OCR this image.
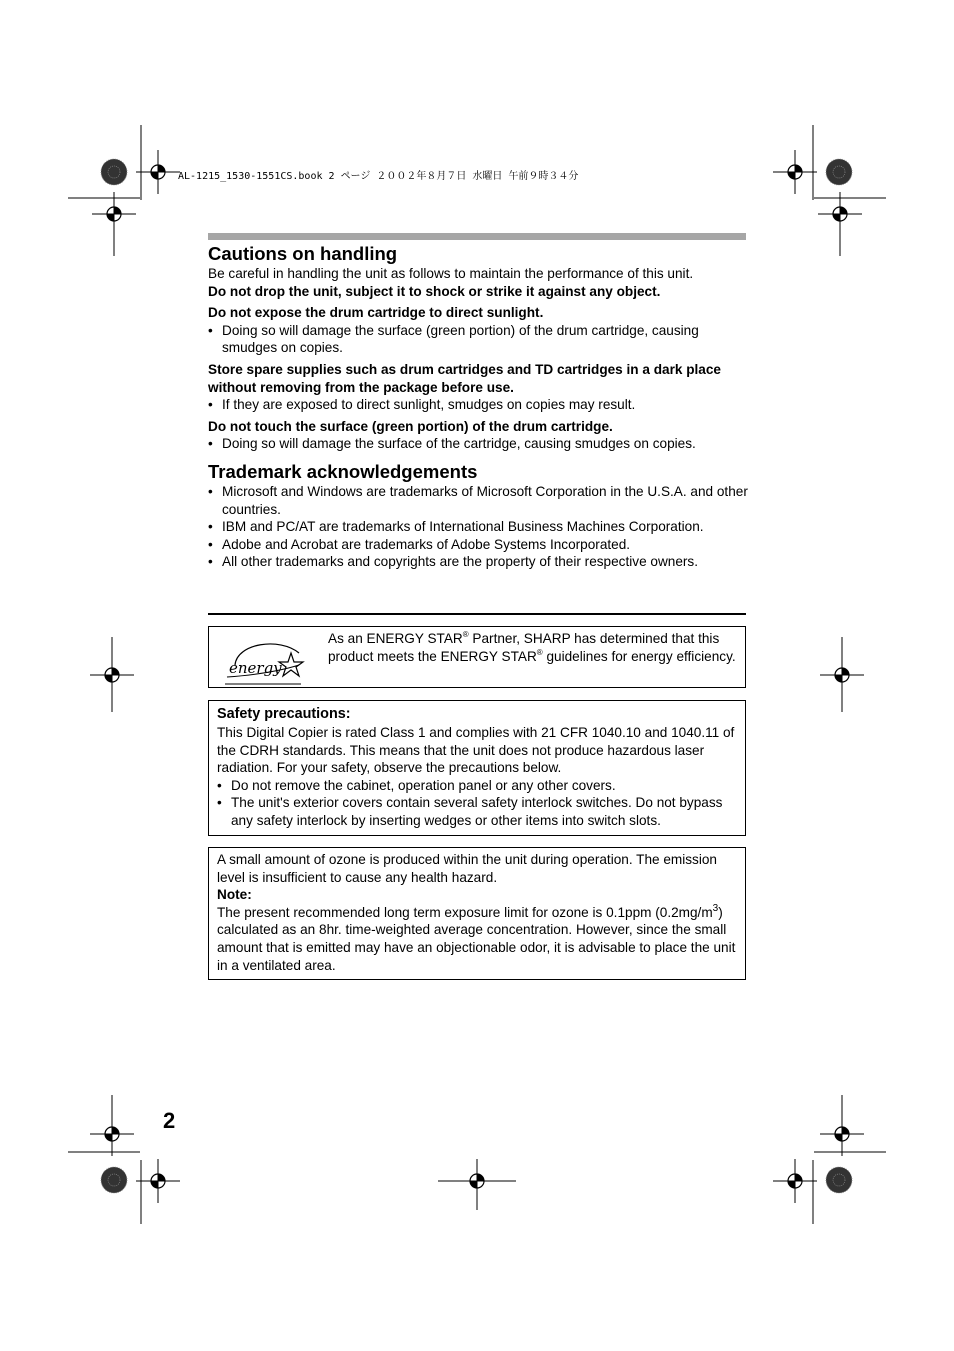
AL-1215_1530-1551CS.book 2 ページ ２００２年８月７日 水曜日 午前９時３４分
Cautions on handling

Be careful in handling the unit as follows to maintain the performance of this unit.

Do not drop the unit, subject it to shock or strike it against any object.

Do not expose the drum cartridge to direct sunlight.

• Doing so will damage the surface (green portion) of the drum cartridge, causing smudges on copies.

Store spare supplies such as drum cartridges and TD cartridges in a dark place without removing from the package before use.

• If they are exposed to direct sunlight, smudges on copies may result.

Do not touch the surface (green portion) of the drum cartridge.

• Doing so will damage the surface of the cartridge, causing smudges on copies.
Trademark acknowledgements
• Microsoft and Windows are trademarks of Microsoft Corporation in the U.S.A. and other countries.
• IBM and PC/AT are trademarks of International Business Machines Corporation.
• Adobe and Acrobat are trademarks of Adobe Systems Incorporated.
• All other trademarks and copyrights are the property of their respective owners.
energy
As an ENERGY STAR® Partner, SHARP has determined that this product meets the ENERGY STAR® guidelines for energy efficiency.
Safety precautions:

This Digital Copier is rated Class 1 and complies with 21 CFR 1040.10 and 1040.11 of the CDRH standards. This means that the unit does not produce hazardous laser radiation. For your safety, observe the precautions below.

• Do not remove the cabinet, operation panel or any other covers.
• The unit's exterior covers contain several safety interlock switches. Do not bypass any safety interlock by inserting wedges or other items into switch slots.

A small amount of ozone is produced within the unit during operation. The emission level is insufficient to cause any health hazard.

Note:

The present recommended long term exposure limit for ozone is 0.1ppm $(0.2mg/m^3)$ calculated as an 8hr. time-weighted average concentration. However, since the small amount that is emitted may have an objectionable odor, it is advisable to place the unit in a ventilated area.

2
